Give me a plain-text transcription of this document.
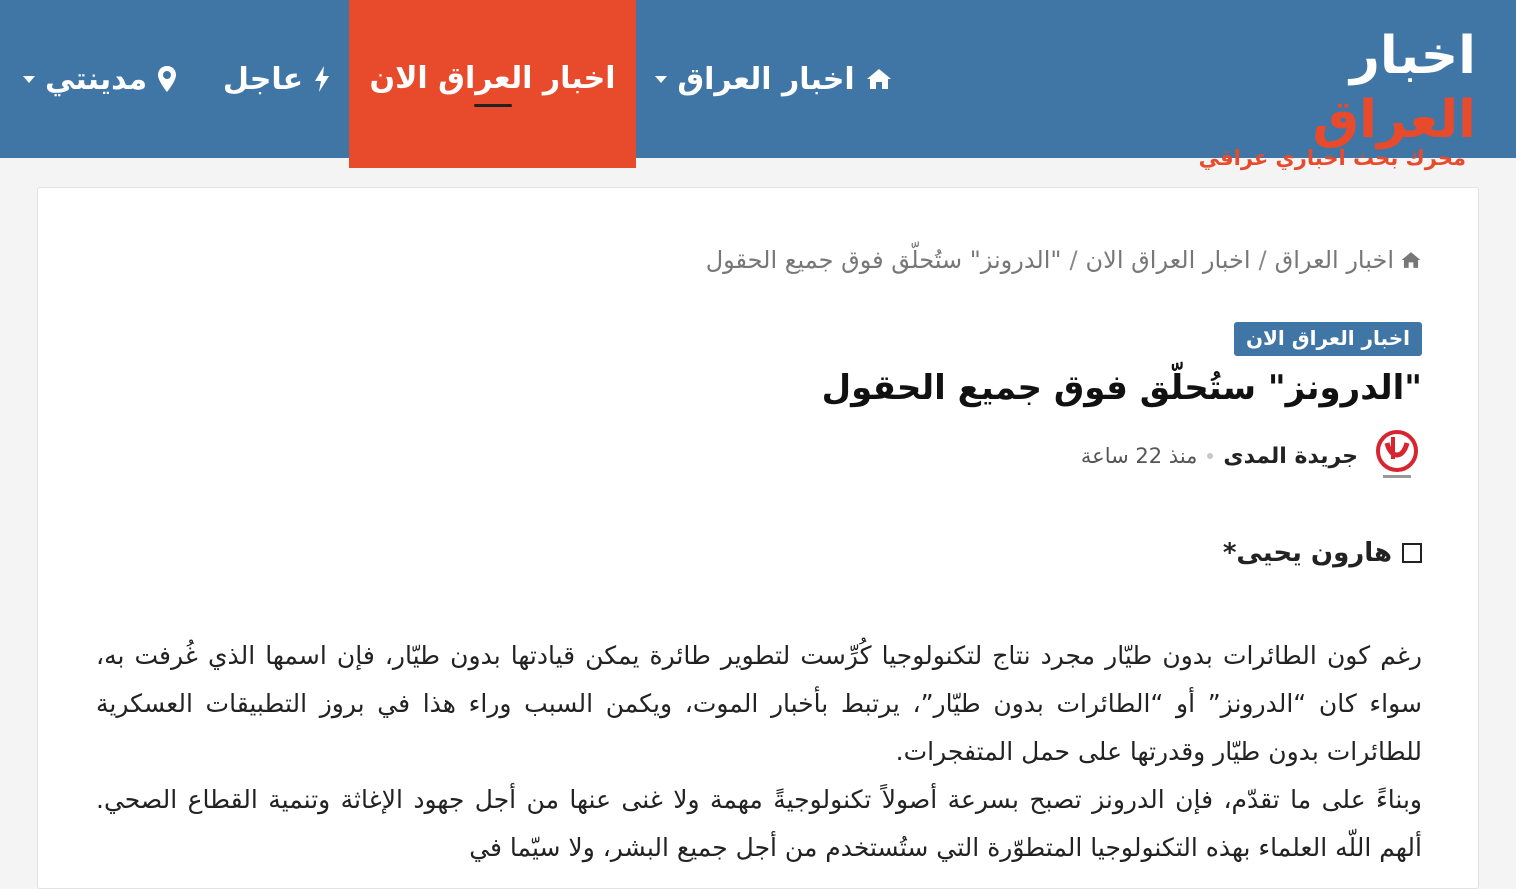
اخبار العراق
محرك بحث اخباري عراقي
اخبار العراق
اخبار العراق الان
عاجل
مدينتي
اخبار العراق
/
اخبار العراق الان
/
"الدرونز" ستُحلّق فوق جميع الحقول
اخبار العراق الان
"الدرونز" ستُحلّق فوق جميع الحقول
جريدة المدى
منذ 22 ساعة
هارون يحيى*

رغم كون الطائرات بدون طيّار مجرد نتاج لتكنولوجيا كُرِّست لتطوير طائرة يمكن قيادتها بدون طيّار، فإن اسمها الذي غُرفت به، سواء كان “الدرونز” أو “الطائرات بدون طيّار”، يرتبط بأخبار الموت، ويكمن السبب وراء هذا في بروز التطبيقات العسكرية للطائرات بدون طيّار وقدرتها على حمل المتفجرات.

وبناءً على ما تقدّم، فإن الدرونز تصبح بسرعة أصولاً تكنولوجيةً مهمة ولا غنى عنها من أجل جهود الإغاثة وتنمية القطاع الصحي. ألهم اللّه العلماء بهذه التكنولوجيا المتطوّرة التي ستُستخدم من أجل جميع البشر، ولا سيّما في
